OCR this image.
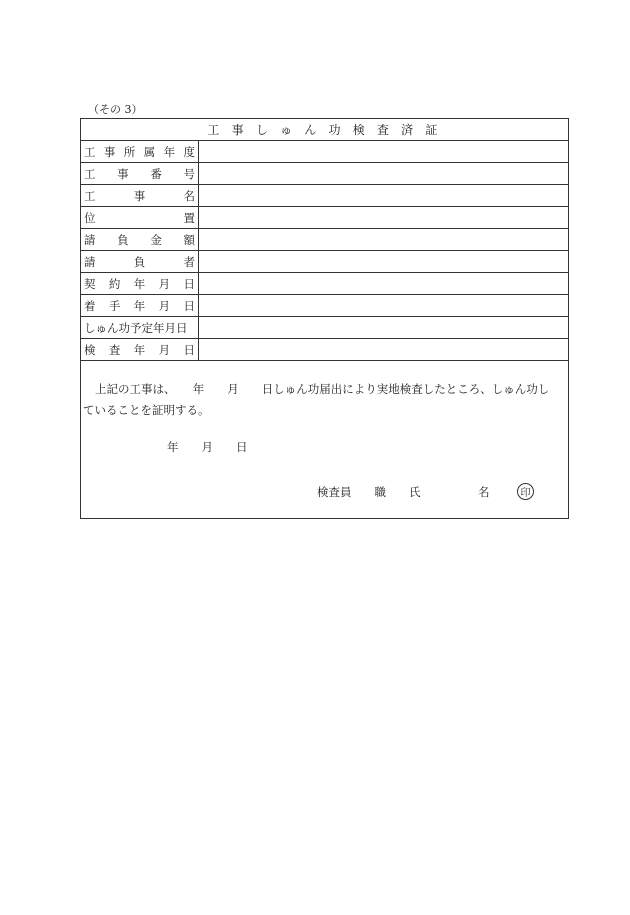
（その 3）
工 事 し ゅ ん 功 検 査 済 証
工 事 所 属 年 度
工 事 番 号
工	事	名
位	置
請 負 金 額
請	負	者
契 約 年 月 日
着 手 年 月 日
しゅん功予定年月日
検 査 年 月 日
上記の工事は、　　年　　月　　日しゅん功届出により実地検査したところ、しゅん功し
ていることを証明する。
年　　月　　日
検査員　　職　　氏　　　　　名	印
